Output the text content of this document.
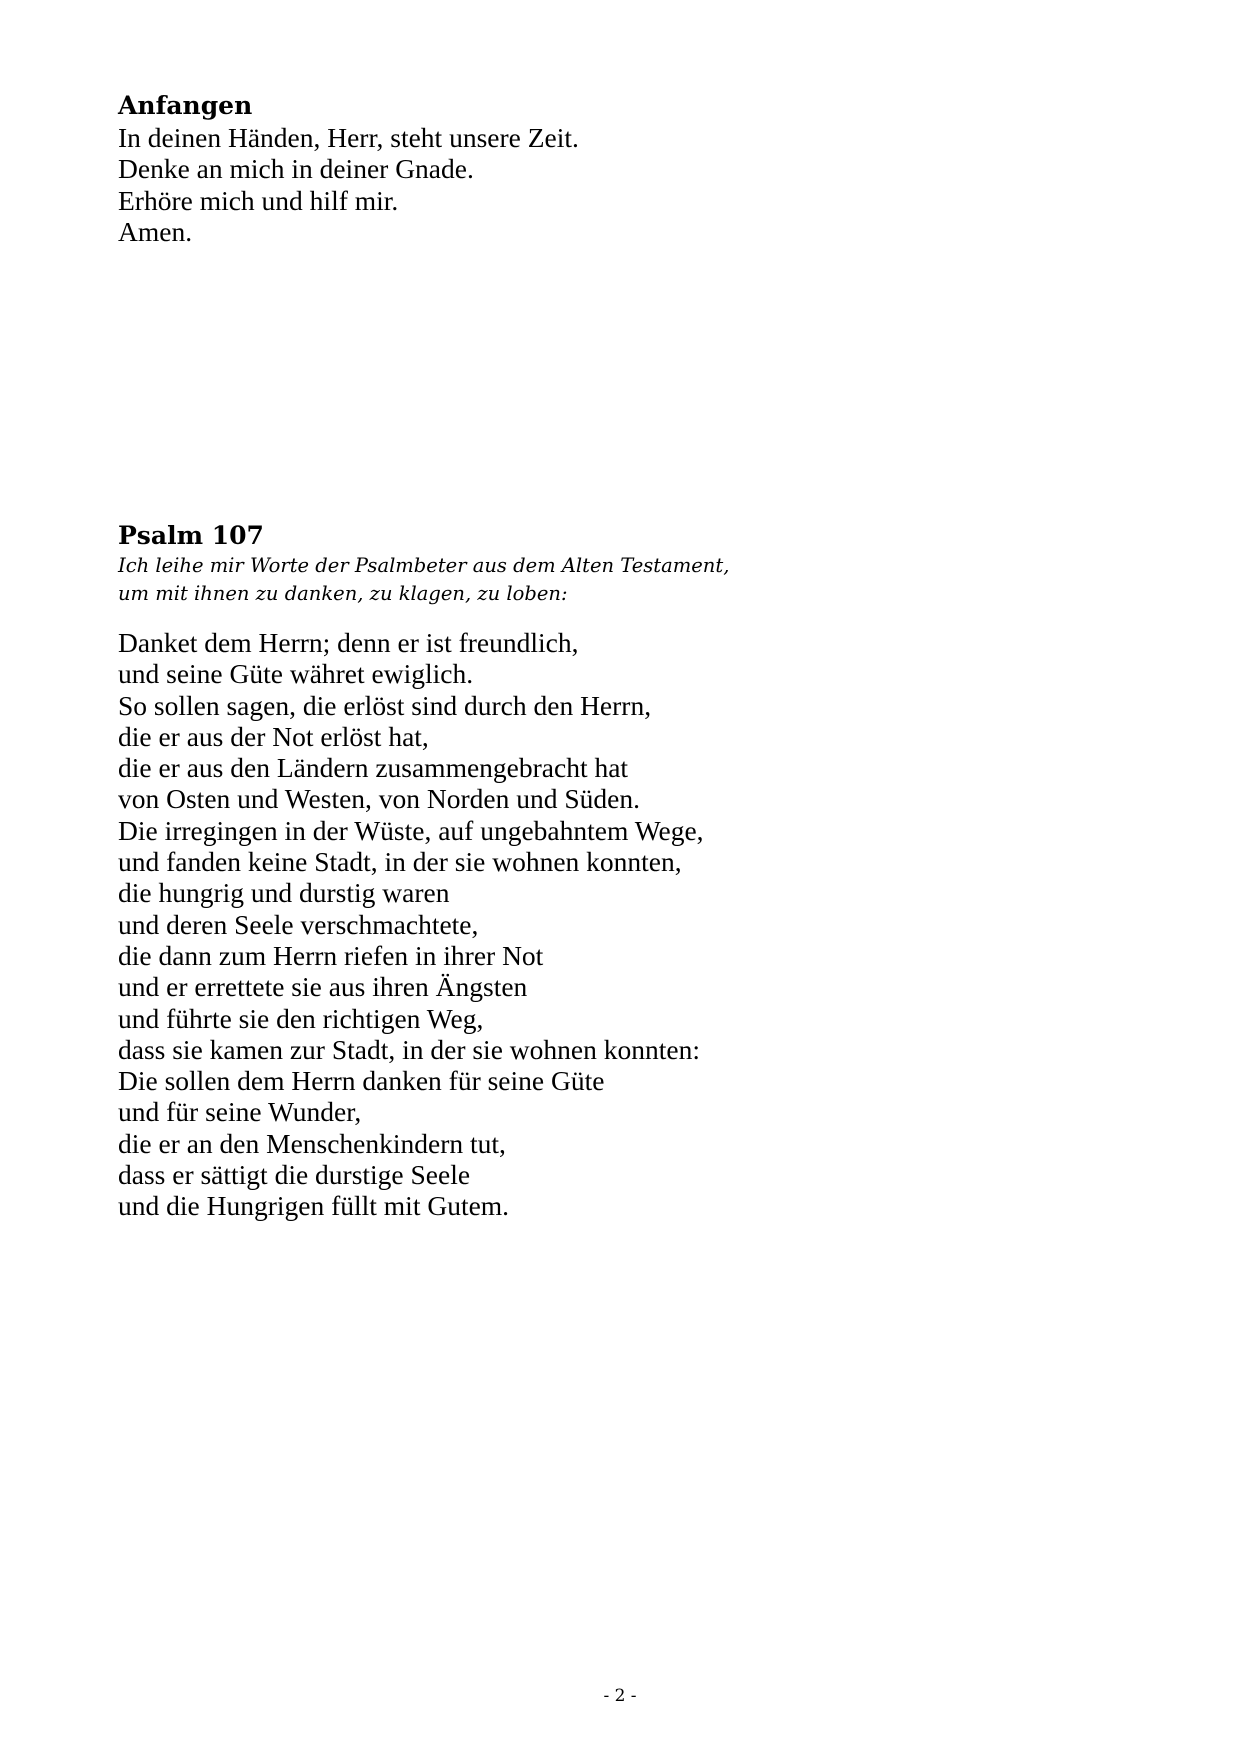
Anfangen
In deinen Händen, Herr, steht unsere Zeit.
Denke an mich in deiner Gnade.
Erhöre mich und hilf mir.
Amen.
Psalm 107
Ich leihe mir Worte der Psalmbeter aus dem Alten Testament,
um mit ihnen zu danken, zu klagen, zu loben:
Danket dem Herrn; denn er ist freundlich,
und seine Güte währet ewiglich.
So sollen sagen, die erlöst sind durch den Herrn,
die er aus der Not erlöst hat,
die er aus den Ländern zusammengebracht hat
von Osten und Westen, von Norden und Süden.
Die irregingen in der Wüste, auf ungebahntem Wege,
und fanden keine Stadt, in der sie wohnen konnten,
die hungrig und durstig waren
und deren Seele verschmachtete,
die dann zum Herrn riefen in ihrer Not
und er errettete sie aus ihren Ängsten
und führte sie den richtigen Weg,
dass sie kamen zur Stadt, in der sie wohnen konnten:
Die sollen dem Herrn danken für seine Güte
und für seine Wunder,
die er an den Menschenkindern tut,
dass er sättigt die durstige Seele
und die Hungrigen füllt mit Gutem.
- 2 -
